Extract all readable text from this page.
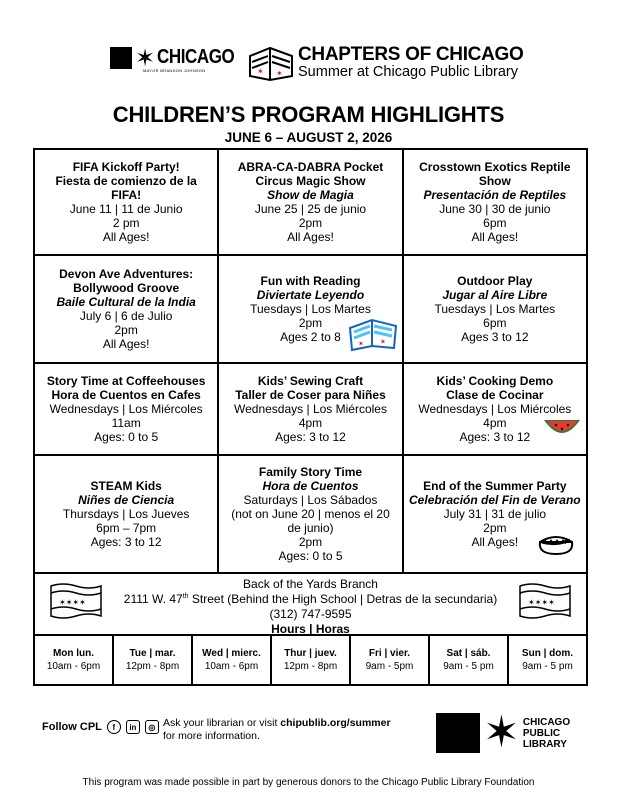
✶ CHICAGO
MAYOR BRANDON JOHNSON	✶ ✶
CHAPTERS OF CHICAGO
Summer at Chicago Public Library
CHILDREN’S PROGRAM HIGHLIGHTS
JUNE 6 – AUGUST 2, 2026
FIFA Kickoff Party!
Fiesta de comienzo de la FIFA!
June 11 | 11 de Junio
2 pm
All Ages!
ABRA-CA-DABRA Pocket Circus Magic Show
Show de Magia
June 25 | 25 de junio
2pm
All Ages!
Crosstown Exotics Reptile Show
Presentación de Reptiles
June 30 | 30 de junio
6pm
All Ages!
Devon Ave Adventures: Bollywood Groove
Baile Cultural de la India
July 6 | 6 de Julio
2pm
All Ages!
Fun with Reading
Diviertate Leyendo
Tuesdays | Los Martes
2pm
Ages 2 to 8
✶ ✶
Outdoor Play
Jugar al Aire Libre
Tuesdays | Los Martes
6pm
Ages 3 to 12
Story Time at Coffeehouses
Hora de Cuentos en Cafes
Wednesdays | Los Miércoles
11am
Ages: 0 to 5
Kids’ Sewing Craft
Taller de Coser para Niñes
Wednesdays | Los Miércoles
4pm
Ages: 3 to 12
Kids’ Cooking Demo
Clase de Cocinar
Wednesdays | Los Miércoles
4pm
Ages: 3 to 12
STEAM Kids
Niñes de Ciencia
Thursdays | Los Jueves
6pm – 7pm
Ages: 3 to 12
Family Story Time
Hora de Cuentos
Saturdays | Los Sábados
(not on June 20 | menos el 20 de junio)
2pm
Ages: 0 to 5
End of the Summer Party
Celebración del Fin de Verano
July 31 | 31 de julio
2pm
All Ages!
✶✶✶✶
Back of the Yards Branch
2111 W. 47th Street (Behind the High School | Detras de la secundaria)
(312) 747-9595
Hours | Horas
✶✶✶✶
Mon lun.
10am - 6pm
Tue | mar.
12pm - 8pm
Wed | mierc.
10am - 6pm
Thur | juev.
12pm - 8pm
Fri | vier.
9am - 5pm
Sat | sáb.
9am - 5 pm
Sun | dom.
9am - 5 pm
Follow CPL	f	in	◎ Ask your librarian or visit chipublib.org/summer
for more information.	✶ CHICAGO
PUBLIC
LIBRARY
This program was made possible in part by generous donors to the Chicago Public Library Foundation
